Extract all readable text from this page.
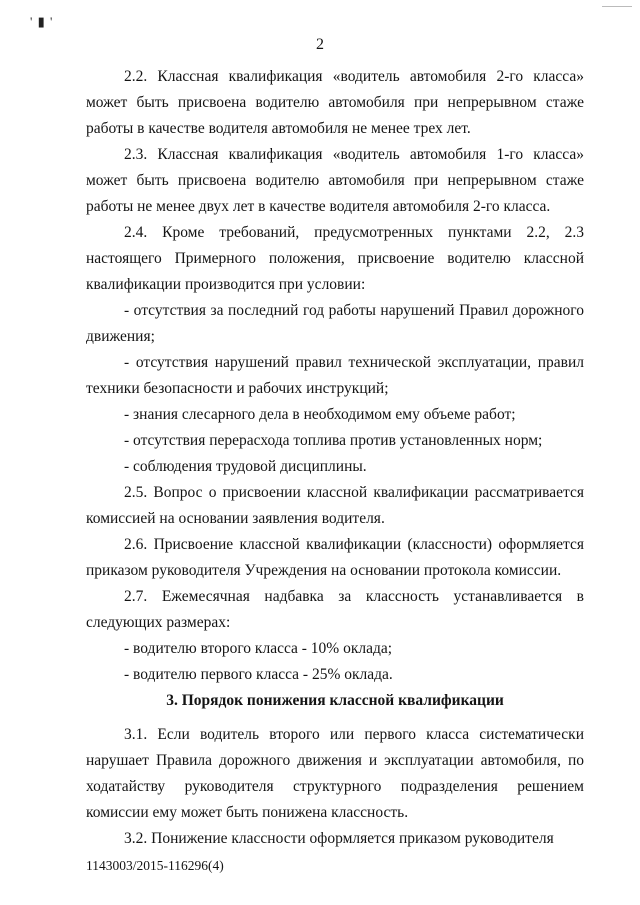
' ▮ '
2

2.2. Классная квалификация «водитель автомобиля 2-го класса» может быть присвоена водителю автомобиля при непрерывном стаже работы в качестве водителя автомобиля не менее трех лет.

2.3. Классная квалификация «водитель автомобиля 1-го класса» может быть присвоена водителю автомобиля при непрерывном стаже работы не менее двух лет в качестве водителя автомобиля 2-го класса.

2.4. Кроме требований, предусмотренных пунктами 2.2, 2.3 настоящего Примерного положения, присвоение водителю классной квалификации производится при условии:

- отсутствия за последний год работы нарушений Правил дорожного движения;

- отсутствия нарушений правил технической эксплуатации, правил техники безопасности и рабочих инструкций;

- знания слесарного дела в необходимом ему объеме работ;

- отсутствия перерасхода топлива против установленных норм;

- соблюдения трудовой дисциплины.

2.5. Вопрос о присвоении классной квалификации рассматривается комиссией на основании заявления водителя.

2.6. Присвоение классной квалификации (классности) оформляется приказом руководителя Учреждения на основании протокола комиссии.

2.7. Ежемесячная надбавка за классность устанавливается в следующих размерах:

- водителю второго класса - 10% оклада;

- водителю первого класса - 25% оклада.

3. Порядок понижения классной квалификации

3.1. Если водитель второго или первого класса систематически нарушает Правила дорожного движения и эксплуатации автомобиля, по ходатайству руководителя структурного подразделения решением комиссии ему может быть понижена классность.

3.2. Понижение классности оформляется приказом руководителя

1143003/2015-116296(4)
